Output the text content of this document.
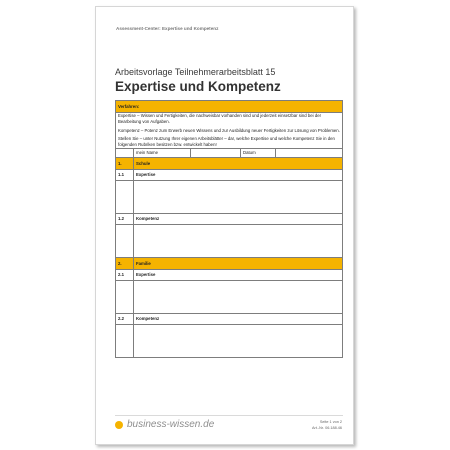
Assessment-Center: Expertise und Kompetenz
Arbeitsvorlage Teilnehmerarbeitsblatt 15
Expertise und Kompetenz
Verfahren:				

Expertise – Wissen und Fertigkeiten, die nachweisbar vorhanden sind und jederzeit einsetzbar sind bei der Bearbeitung von Aufgaben.

Kompetenz – Potenz zum Erwerb neuen Wissens und zur Ausbildung neuer Fertigkeiten zur Lösung von Problemen.

Stellen Sie – unter Nutzung Ihrer eigenen Arbeitsblätter – dar, welche Expertise und welche Kompetenz Sie in den folgenden Rubriken besitzen bzw. entwickelt haben!				

	mein Name		Datum	
1.	Schule			
1.1	Expertise			

1.2	Kompetenz			

2.	Familie			
2.1	Expertise			

2.2	Kompetenz			

business-wissen.de	Seite 1 von 2
Art.-Nr. 06.188.46
